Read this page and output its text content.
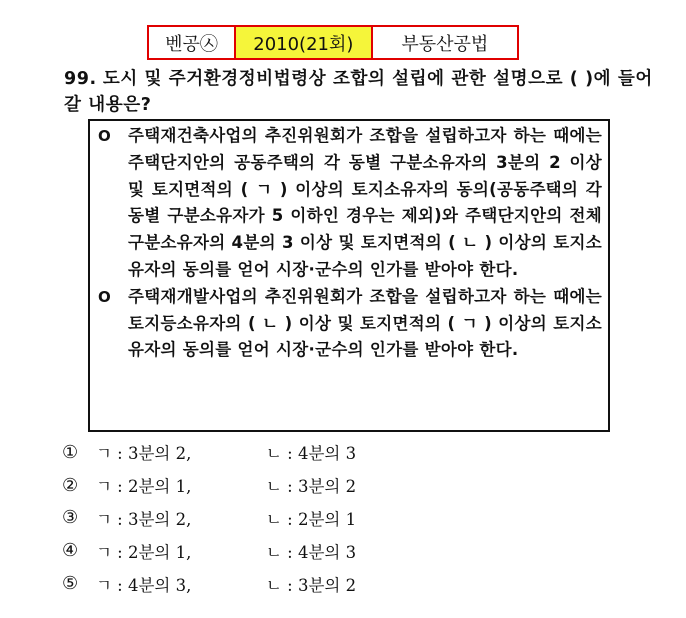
벤공㉦	2010(21회)	부동산공법
99. 도시 및 주거환경정비법령상 조합의 설립에 관한 설명으로 ( )에 들어갈 내용은?
O	주택재건축사업의 추진위원회가 조합을 설립하고자 하는 때에는 주택단지안의 공동주택의 각 동별 구분소유자의 3분의 2 이상 및 토지면적의 ( ㄱ ) 이상의 토지소유자의 동의(공동주택의 각 동별 구분소유자가 5 이하인 경우는 제외)와 주택단지안의 전체 구분소유자의 4분의 3 이상 및 토지면적의 ( ㄴ ) 이상의 토지소유자의 동의를 얻어 시장·군수의 인가를 받아야 한다.
O	주택재개발사업의 추진위원회가 조합을 설립하고자 하는 때에는 토지등소유자의 ( ㄴ ) 이상 및 토지면적의 ( ㄱ ) 이상의 토지소유자의 동의를 얻어 시장·군수의 인가를 받아야 한다.
①	ㄱ : 3분의 2,	ㄴ : 4분의 3
②	ㄱ : 2분의 1,	ㄴ : 3분의 2
③	ㄱ : 3분의 2,	ㄴ : 2분의 1
④	ㄱ : 2분의 1,	ㄴ : 4분의 3
⑤	ㄱ : 4분의 3,	ㄴ : 3분의 2
